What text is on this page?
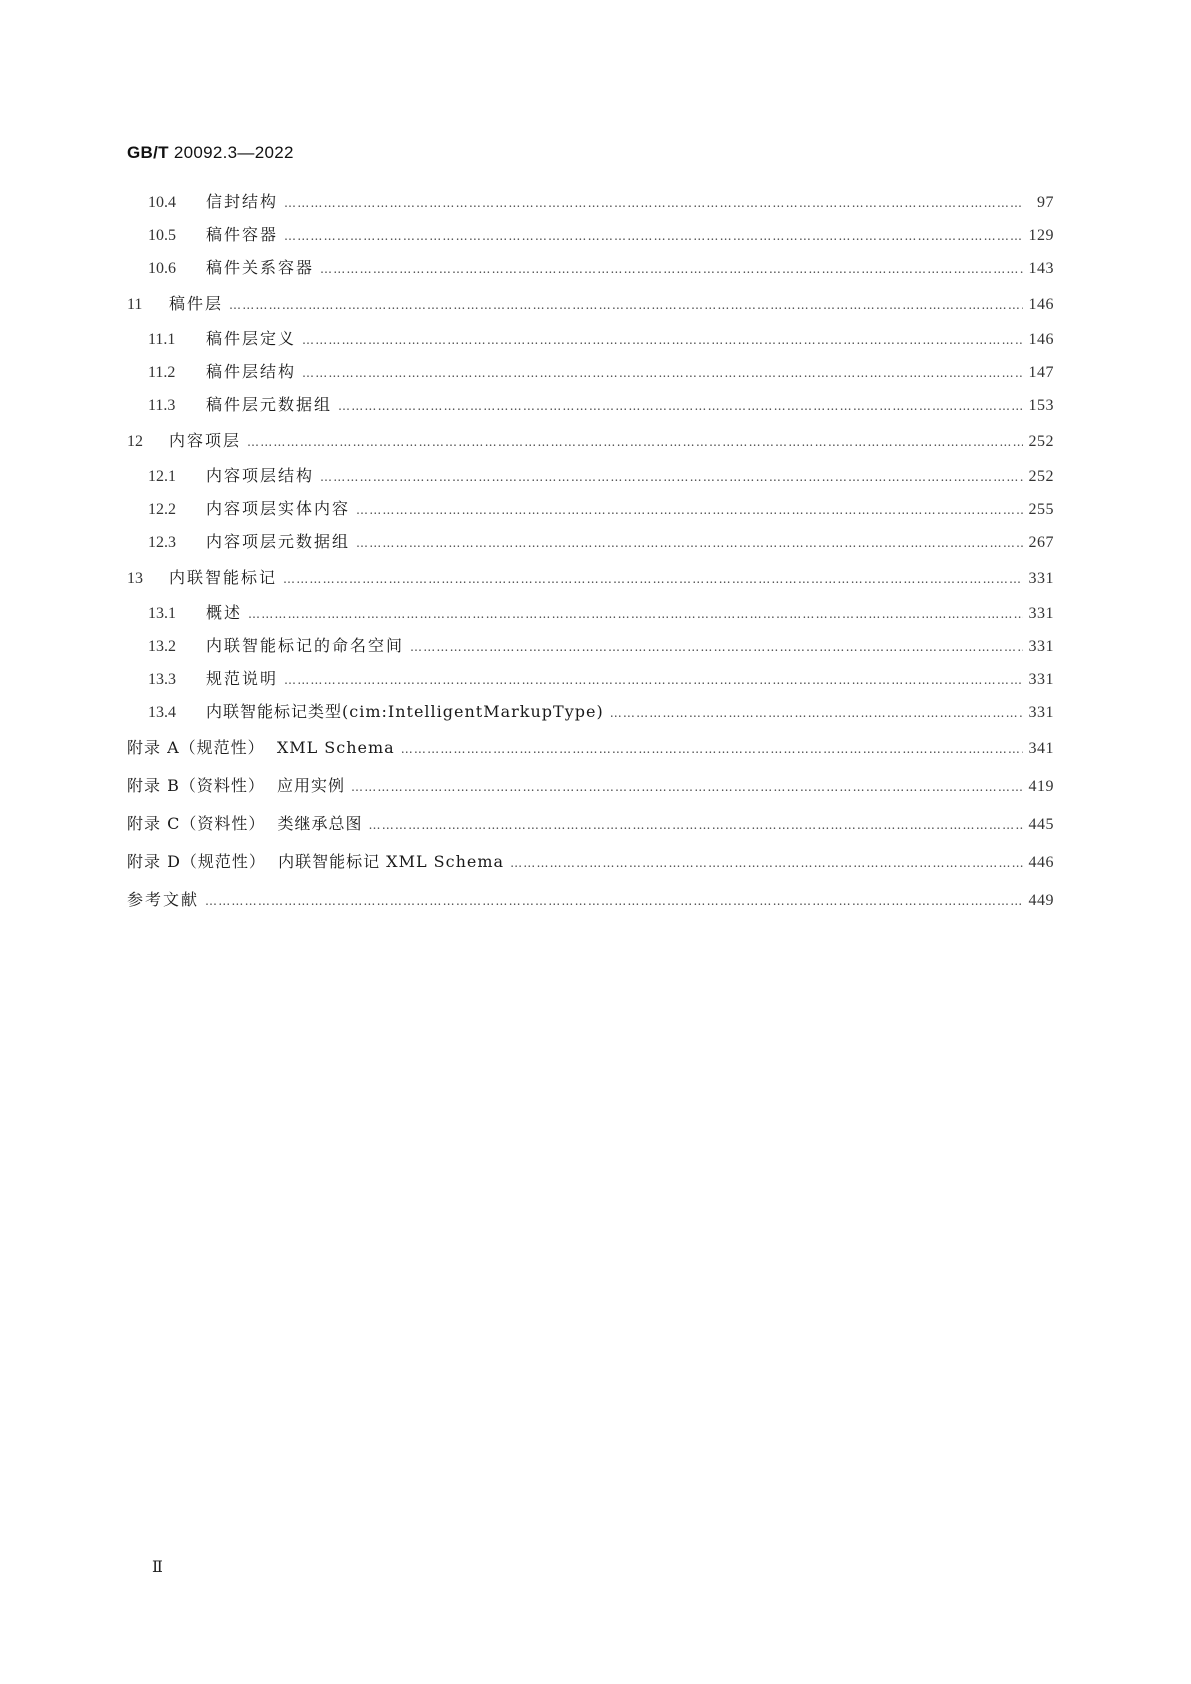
GB/T 20092.3—2022
10.4	信封结构 ………………………………………………………………………………………………………………………………………………………………………………………………………………	97
10.5	稿件容器 ………………………………………………………………………………………………………………………………………………………………………………………………………………	129
10.6	稿件关系容器 ………………………………………………………………………………………………………………………………………………………………………………………………………………	143
11	稿件层 ………………………………………………………………………………………………………………………………………………………………………………………………………………	146
11.1	稿件层定义 ………………………………………………………………………………………………………………………………………………………………………………………………………………	146
11.2	稿件层结构 ………………………………………………………………………………………………………………………………………………………………………………………………………………	147
11.3	稿件层元数据组 ………………………………………………………………………………………………………………………………………………………………………………………………………………	153
12	内容项层 ………………………………………………………………………………………………………………………………………………………………………………………………………………	252
12.1	内容项层结构 ………………………………………………………………………………………………………………………………………………………………………………………………………………	252
12.2	内容项层实体内容 ………………………………………………………………………………………………………………………………………………………………………………………………………………	255
12.3	内容项层元数据组 ………………………………………………………………………………………………………………………………………………………………………………………………………………	267
13	内联智能标记 ………………………………………………………………………………………………………………………………………………………………………………………………………………	331
13.1	概述 ………………………………………………………………………………………………………………………………………………………………………………………………………………	331
13.2	内联智能标记的命名空间 ………………………………………………………………………………………………………………………………………………………………………………………………………………	331
13.3	规范说明 ………………………………………………………………………………………………………………………………………………………………………………………………………………	331
13.4	内联智能标记类型(cim:IntelligentMarkupType) ………………………………………………………………………………………………………………………………………………………………………………………………………………	331
附录 A（规范性）  XML Schema ………………………………………………………………………………………………………………………………………………………………………………………………………………	341
附录 B（资料性）  应用实例 ………………………………………………………………………………………………………………………………………………………………………………………………………………	419
附录 C（资料性）  类继承总图 ………………………………………………………………………………………………………………………………………………………………………………………………………………	445
附录 D（规范性）  内联智能标记 XML Schema ………………………………………………………………………………………………………………………………………………………………………………………………………………	446
参考文献 ………………………………………………………………………………………………………………………………………………………………………………………………………………	449
Ⅱ
